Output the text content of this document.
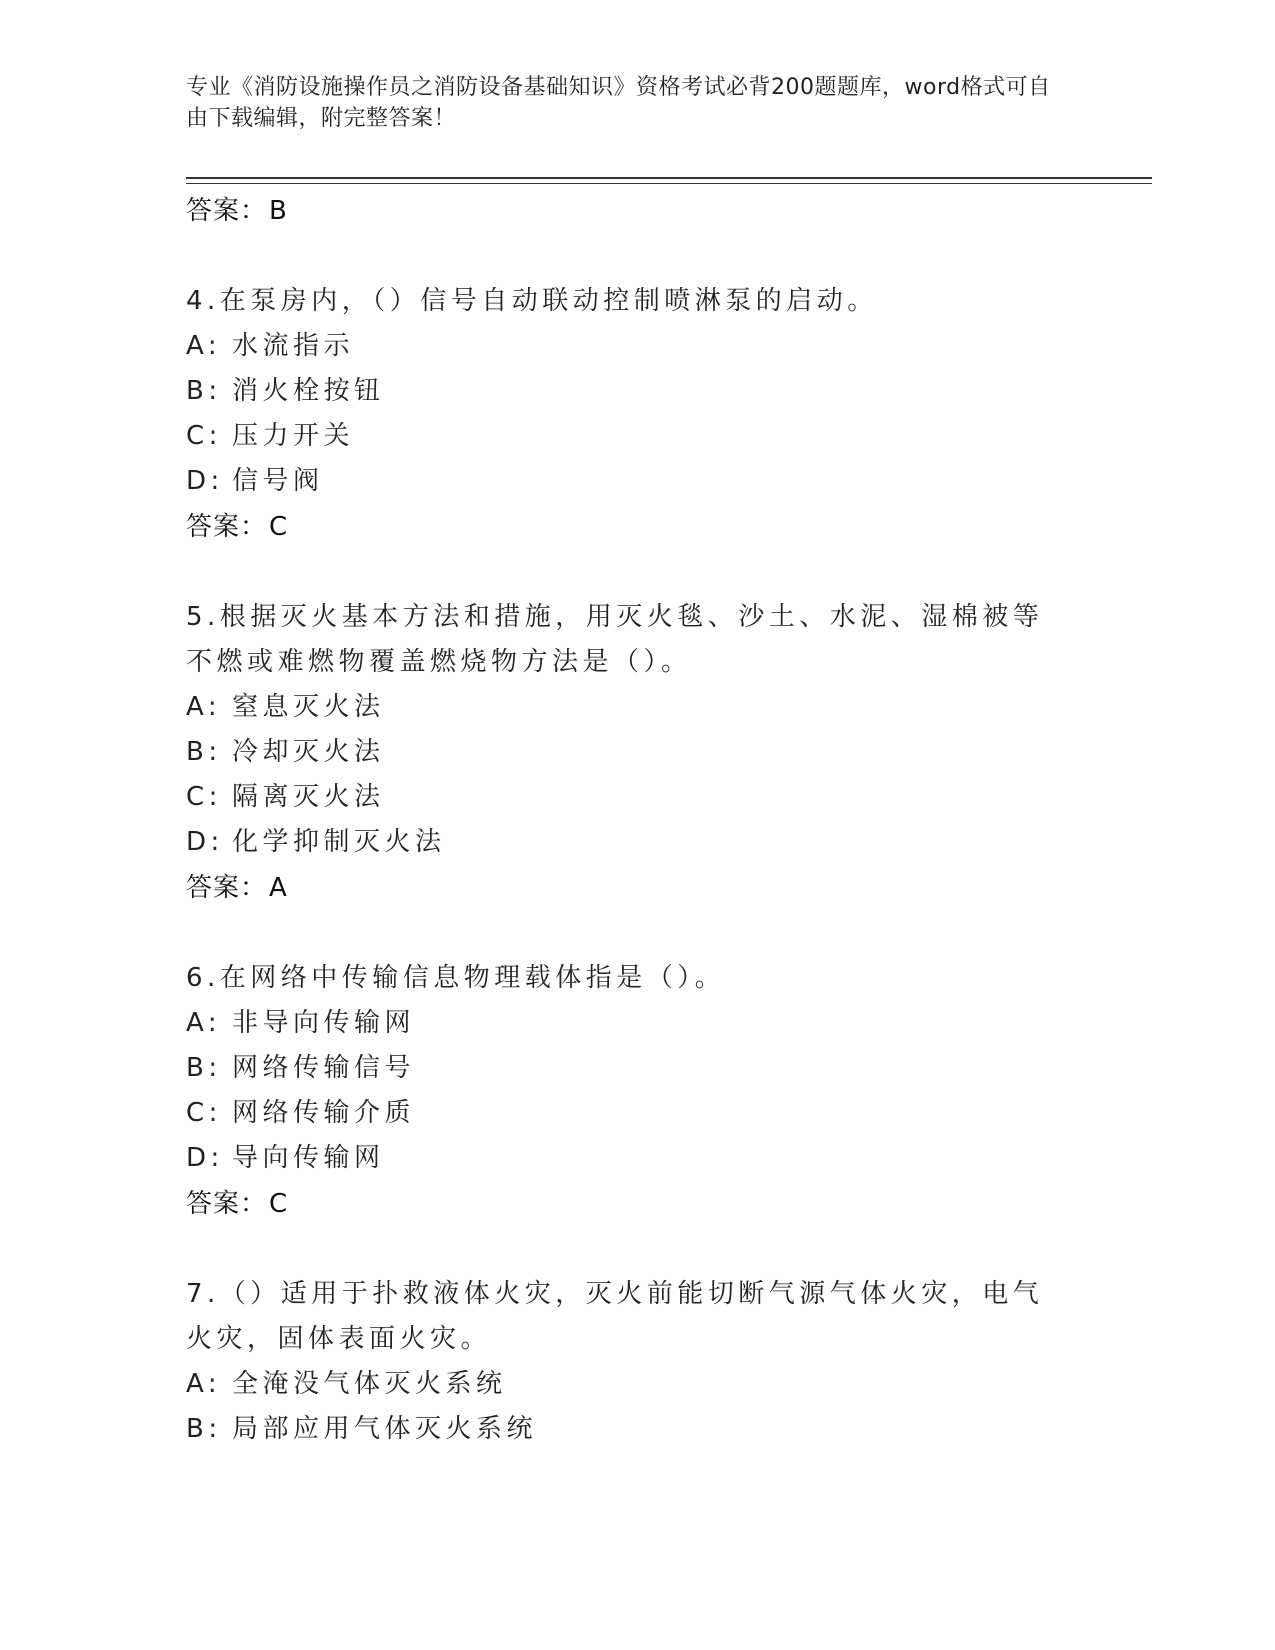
专业《消防设施操作员之消防设备基础知识》资格考试必背200题题库，word格式可自由下载编辑，附完整答案！
答案： B
4.在泵房内，（）信号自动联动控制喷淋泵的启动。
A: 水流指示
B: 消火栓按钮
C: 压力开关
D: 信号阀
答案： C
5.根据灭火基本方法和措施，用灭火毯、沙土、水泥、湿棉被等不燃或难燃物覆盖燃烧物方法是（）。
A: 窒息灭火法
B: 冷却灭火法
C: 隔离灭火法
D: 化学抑制灭火法
答案： A
6.在网络中传输信息物理载体指是（）。
A: 非导向传输网
B: 网络传输信号
C: 网络传输介质
D: 导向传输网
答案： C
7.（）适用于扑救液体火灾，灭火前能切断气源气体火灾，电气火灾，固体表面火灾。
A: 全淹没气体灭火系统
B: 局部应用气体灭火系统
